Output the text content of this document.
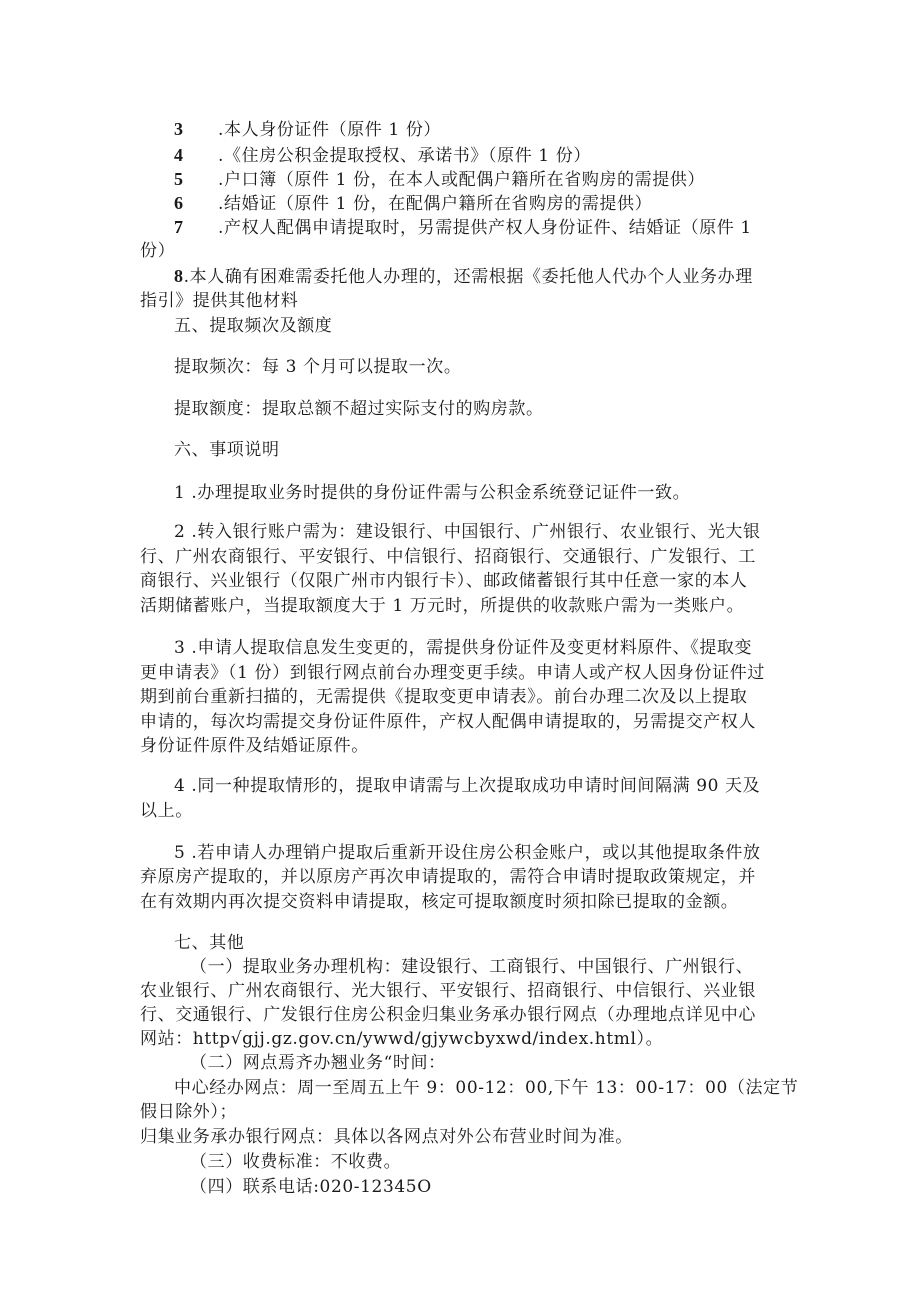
3 .本人身份证件（原件 1 份）
4 .《住房公积金提取授权、承诺书》（原件 1 份）
5 .户口簿（原件 1 份，在本人或配偶户籍所在省购房的需提供）
6 .结婚证（原件 1 份，在配偶户籍所在省购房的需提供）
7 .产权人配偶申请提取时，另需提供产权人身份证件、结婚证（原件 1
份）
8.本人确有困难需委托他人办理的，还需根据《委托他人代办个人业务办理
指引》提供其他材料
五、提取频次及额度
提取频次：每 3 个月可以提取一次。
提取额度：提取总额不超过实际支付的购房款。
六、事项说明
1 .办理提取业务时提供的身份证件需与公积金系统登记证件一致。
2 .转入银行账户需为：建设银行、中国银行、广州银行、农业银行、光大银
行、广州农商银行、平安银行、中信银行、招商银行、交通银行、广发银行、工
商银行、兴业银行（仅限广州市内银行卡）、邮政储蓄银行其中任意一家的本人
活期储蓄账户，当提取额度大于 1 万元时，所提供的收款账户需为一类账户。
3 .申请人提取信息发生变更的，需提供身份证件及变更材料原件、《提取变
更申请表》（1 份）到银行网点前台办理变更手续。申请人或产权人因身份证件过
期到前台重新扫描的，无需提供《提取变更申请表》。前台办理二次及以上提取
申请的，每次均需提交身份证件原件，产权人配偶申请提取的，另需提交产权人
身份证件原件及结婚证原件。
4 .同一种提取情形的，提取申请需与上次提取成功申请时间间隔满 90 天及
以上。
5 .若申请人办理销户提取后重新开设住房公积金账户，或以其他提取条件放
弃原房产提取的，并以原房产再次申请提取的，需符合申请时提取政策规定，并
在有效期内再次提交资料申请提取，核定可提取额度时须扣除已提取的金额。
七、其他
（一）提取业务办理机构：建设银行、工商银行、中国银行、广州银行、
农业银行、广州农商银行、光大银行、平安银行、招商银行、中信银行、兴业银
行、交通银行、广发银行住房公积金归集业务承办银行网点（办理地点详见中心
网站：http√gjj.gz.gov.cn/ywwd/gjywcbyxwd/index.html）。
（二）网点焉齐办翘业务“时间：
中心经办网点：周一至周五上午 9：00-12：00,下午 13：00-17：00（法定节
假日除外）；
归集业务承办银行网点：具体以各网点对外公布营业时间为准。
（三）收费标准：不收费。
（四）联系电话:020-12345O
